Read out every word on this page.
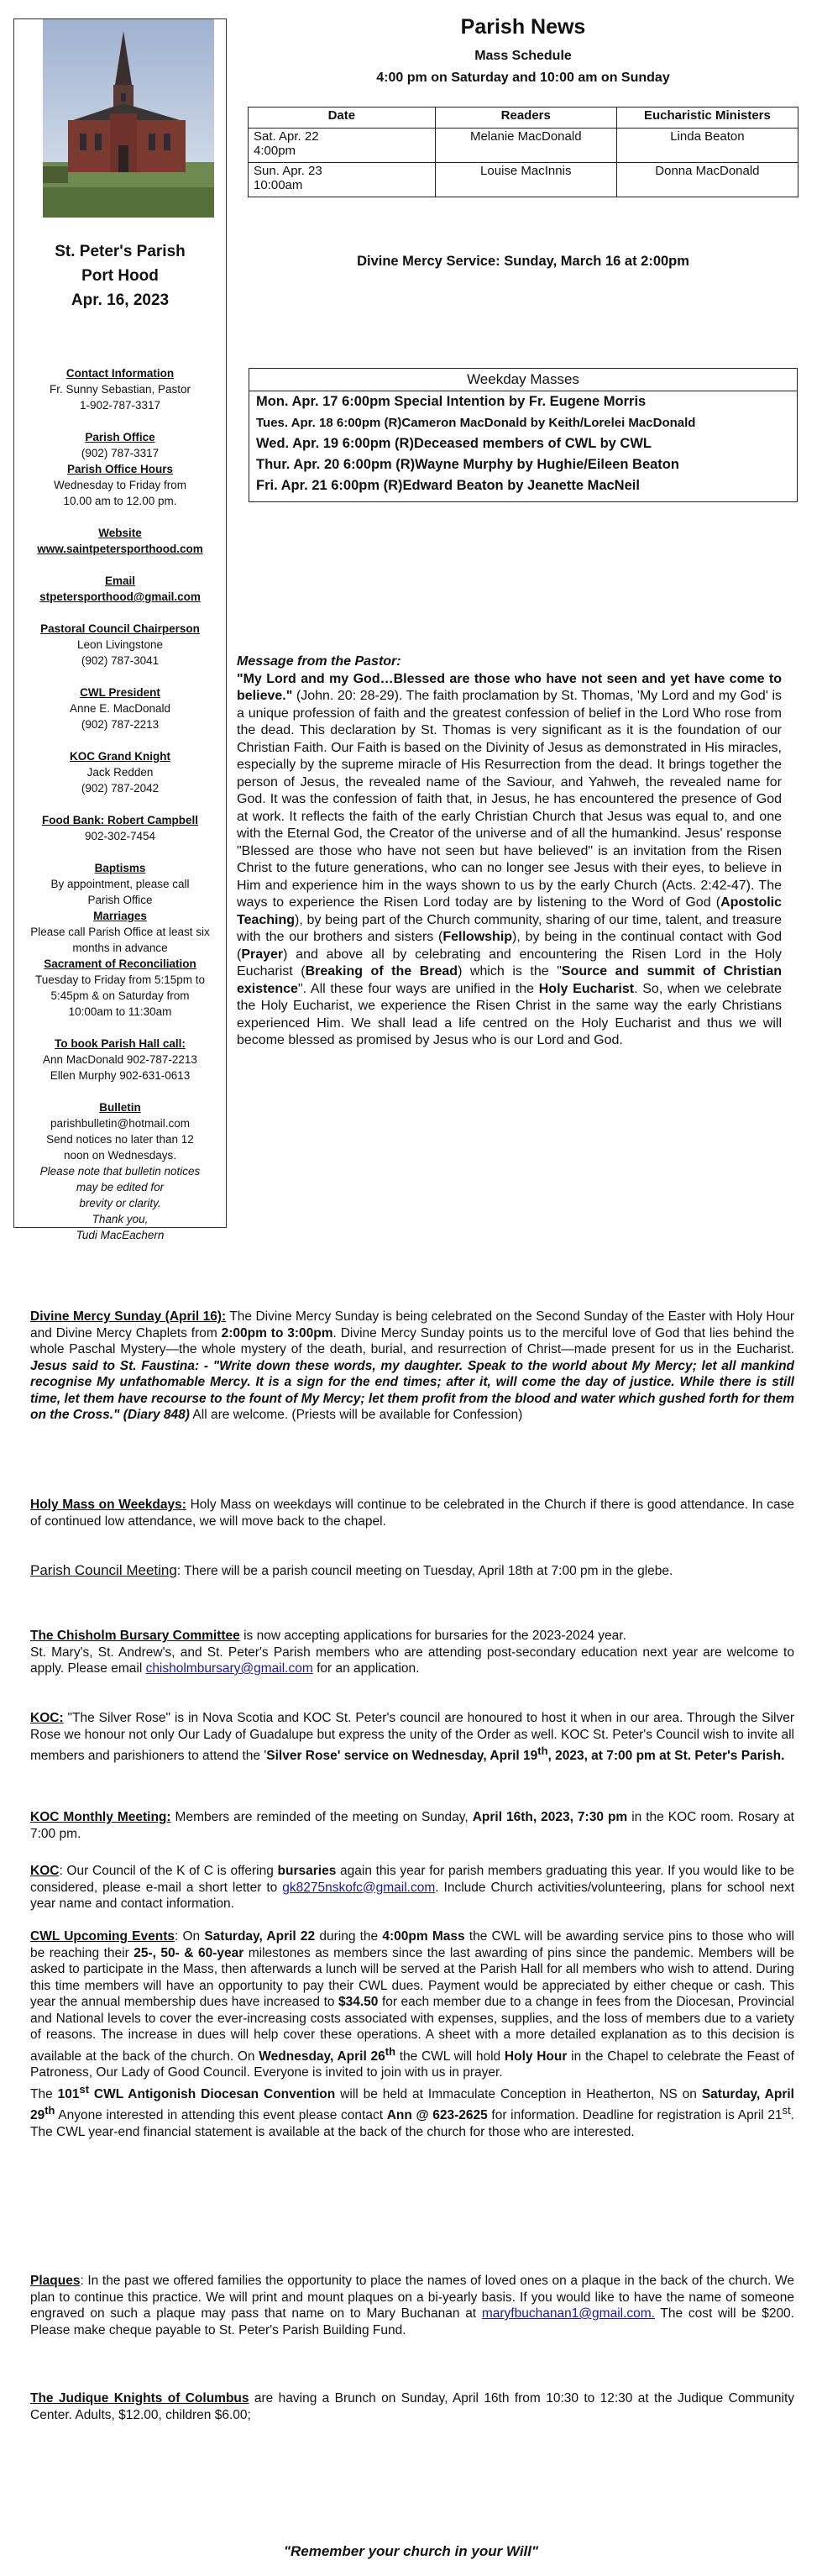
St. Peter's Parish
Port Hood
Apr. 16, 2023
Contact Information
Fr. Sunny Sebastian, Pastor
1-902-787-3317
Parish Office
(902) 787-3317
Parish Office Hours
Wednesday to Friday from
10.00 am to 12.00 pm.
Website
www.saintpetersporthood.com
Email
stpetersporthood@gmail.com
Pastoral Council Chairperson
Leon Livingstone
(902) 787-3041
CWL President
Anne E. MacDonald
(902) 787-2213
KOC Grand Knight
Jack Redden
(902) 787-2042
Food Bank: Robert Campbell
902-302-7454
Baptisms
By appointment, please call
Parish Office
Marriages
Please call Parish Office at least six
months in advance
Sacrament of Reconciliation
Tuesday to Friday from 5:15pm to
5:45pm & on Saturday from
10:00am to 11:30am
To book Parish Hall call:
Ann MacDonald 902-787-2213
Ellen Murphy 902-631-0613
Bulletin
parishbulletin@hotmail.com
Send notices no later than 12
noon on Wednesdays.
Please note that bulletin notices
may be edited for
brevity or clarity.
Thank you,
Tudi MacEachern
Parish News
Mass Schedule
4:00 pm on Saturday and 10:00 am on Sunday
Date	Readers	Eucharistic Ministers

Sat. Apr. 22
4:00pm	Melanie MacDonald	Linda Beaton

Sun. Apr. 23
10:00am	Louise MacInnis	Donna MacDonald
Divine Mercy Service: Sunday, March 16 at 2:00pm
Weekday Masses
Mon. Apr. 17 6:00pm Special Intention by Fr. Eugene Morris
Tues. Apr. 18 6:00pm (R)Cameron MacDonald by Keith/Lorelei MacDonald
Wed. Apr. 19 6:00pm (R)Deceased members of CWL by CWL
Thur. Apr. 20 6:00pm (R)Wayne Murphy by Hughie/Eileen Beaton
Fri. Apr. 21 6:00pm (R)Edward Beaton by Jeanette MacNeil
Message from the Pastor:
"My Lord and my God…Blessed are those who have not seen and yet have come to believe." (John. 20: 28-29). The faith proclamation by St. Thomas, 'My Lord and my God' is a unique profession of faith and the greatest confession of belief in the Lord Who rose from the dead. This declaration by St. Thomas is very significant as it is the foundation of our Christian Faith. Our Faith is based on the Divinity of Jesus as demonstrated in His miracles, especially by the supreme miracle of His Resurrection from the dead. It brings together the person of Jesus, the revealed name of the Saviour, and Yahweh, the revealed name for God. It was the confession of faith that, in Jesus, he has encountered the presence of God at work. It reflects the faith of the early Christian Church that Jesus was equal to, and one with the Eternal God, the Creator of the universe and of all the humankind. Jesus' response "Blessed are those who have not seen but have believed" is an invitation from the Risen Christ to the future generations, who can no longer see Jesus with their eyes, to believe in Him and experience him in the ways shown to us by the early Church (Acts. 2:42-47). The ways to experience the Risen Lord today are by listening to the Word of God (Apostolic Teaching), by being part of the Church community, sharing of our time, talent, and treasure with the our brothers and sisters (Fellowship), by being in the continual contact with God (Prayer) and above all by celebrating and encountering the Risen Lord in the Holy Eucharist (Breaking of the Bread) which is the "Source and summit of Christian existence". All these four ways are unified in the Holy Eucharist. So, when we celebrate the Holy Eucharist, we experience the Risen Christ in the same way the early Christians experienced Him. We shall lead a life centred on the Holy Eucharist and thus we will become blessed as promised by Jesus who is our Lord and God.
Divine Mercy Sunday (April 16): The Divine Mercy Sunday is being celebrated on the Second Sunday of the Easter with Holy Hour and Divine Mercy Chaplets from 2:00pm to 3:00pm. Divine Mercy Sunday points us to the merciful love of God that lies behind the whole Paschal Mystery—the whole mystery of the death, burial, and resurrection of Christ—made present for us in the Eucharist. Jesus said to St. Faustina: - "Write down these words, my daughter. Speak to the world about My Mercy; let all mankind recognise My unfathomable Mercy. It is a sign for the end times; after it, will come the day of justice. While there is still time, let them have recourse to the fount of My Mercy; let them profit from the blood and water which gushed forth for them on the Cross." (Diary 848) All are welcome. (Priests will be available for Confession)
Holy Mass on Weekdays: Holy Mass on weekdays will continue to be celebrated in the Church if there is good attendance. In case of continued low attendance, we will move back to the chapel.
Parish Council Meeting: There will be a parish council meeting on Tuesday, April 18th at 7:00 pm in the glebe.
The Chisholm Bursary Committee is now accepting applications for bursaries for the 2023-2024 year.
St. Mary's, St. Andrew's, and St. Peter's Parish members who are attending post-secondary education next year are welcome to apply. Please email chisholmbursary@gmail.com for an application.
KOC: "The Silver Rose" is in Nova Scotia and KOC St. Peter's council are honoured to host it when in our area. Through the Silver Rose we honour not only Our Lady of Guadalupe but express the unity of the Order as well. KOC St. Peter's Council wish to invite all members and parishioners to attend the 'Silver Rose' service on Wednesday, April 19th, 2023, at 7:00 pm at St. Peter's Parish.
KOC Monthly Meeting: Members are reminded of the meeting on Sunday, April 16th, 2023, 7:30 pm in the KOC room. Rosary at 7:00 pm.
KOC: Our Council of the K of C is offering bursaries again this year for parish members graduating this year. If you would like to be considered, please e-mail a short letter to gk8275nskofc@gmail.com. Include Church activities/volunteering, plans for school next year name and contact information.
CWL Upcoming Events: On Saturday, April 22 during the 4:00pm Mass the CWL will be awarding service pins to those who will be reaching their 25-, 50- & 60-year milestones as members since the last awarding of pins since the pandemic. Members will be asked to participate in the Mass, then afterwards a lunch will be served at the Parish Hall for all members who wish to attend. During this time members will have an opportunity to pay their CWL dues. Payment would be appreciated by either cheque or cash. This year the annual membership dues have increased to $34.50 for each member due to a change in fees from the Diocesan, Provincial and National levels to cover the ever-increasing costs associated with expenses, supplies, and the loss of members due to a variety of reasons. The increase in dues will help cover these operations. A sheet with a more detailed explanation as to this decision is available at the back of the church. On Wednesday, April 26th the CWL will hold Holy Hour in the Chapel to celebrate the Feast of Patroness, Our Lady of Good Council. Everyone is invited to join with us in prayer.
The 101st CWL Antigonish Diocesan Convention will be held at Immaculate Conception in Heatherton, NS on Saturday, April 29th Anyone interested in attending this event please contact Ann @ 623-2625 for information. Deadline for registration is April 21st. The CWL year-end financial statement is available at the back of the church for those who are interested.
Plaques: In the past we offered families the opportunity to place the names of loved ones on a plaque in the back of the church. We plan to continue this practice. We will print and mount plaques on a bi-yearly basis. If you would like to have the name of someone engraved on such a plaque may pass that name on to Mary Buchanan at maryfbuchanan1@gmail.com. The cost will be $200. Please make cheque payable to St. Peter's Parish Building Fund.
The Judique Knights of Columbus are having a Brunch on Sunday, April 16th from 10:30 to 12:30 at the Judique Community Center. Adults, $12.00, children $6.00;
"Remember your church in your Will"
